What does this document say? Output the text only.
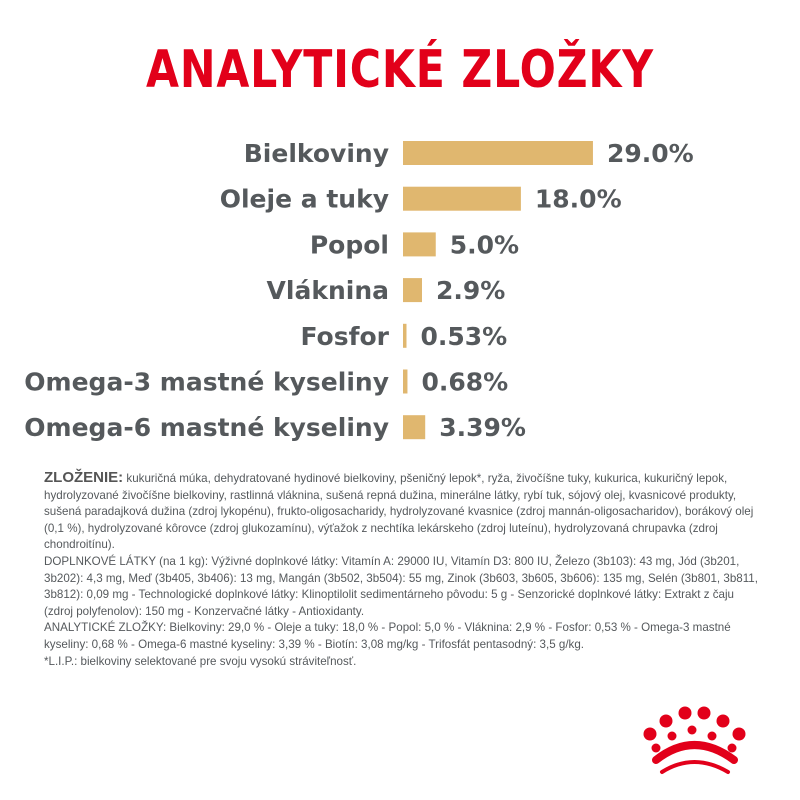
ANALYTICKÉ ZLOŽKY
Bielkoviny	29.0%
Oleje a tuky	18.0%
Popol 5.0%
Vláknina 2.9%
Fosfor 0.53%
Omega-3 mastné kyseliny 0.68%
Omega-6 mastné kyseliny 3.39%

ZLOŽENIE: kukuričná múka, dehydratované hydinové bielkoviny, pšeničný lepok*, ryža, živočíšne tuky, kukurica, kukuričný lepok, hydrolyzované živočíšne bielkoviny, rastlinná vláknina, sušená repná dužina, minerálne látky, rybí tuk, sójový olej, kvasnicové produkty, sušená paradajková dužina (zdroj lykopénu), frukto-oligosacharidy, hydrolyzované kvasnice (zdroj mannán-oligosacharidov), borákový olej (0,1 %), hydrolyzované kôrovce (zdroj glukozamínu), výťažok z nechtíka lekárskeho (zdroj luteínu), hydrolyzovaná chrupavka (zdroj chondroitínu).

DOPLNKOVÉ LÁTKY (na 1 kg): Výživné doplnkové látky: Vitamín A: 29000 IU, Vitamín D3: 800 IU, Železo (3b103): 43 mg, Jód (3b201, 3b202): 4,3 mg, Meď (3b405, 3b406): 13 mg, Mangán (3b502, 3b504): 55 mg, Zinok (3b603, 3b605, 3b606): 135 mg, Selén (3b801, 3b811, 3b812): 0,09 mg - Technologické doplnkové látky: Klinoptilolit sedimentárneho pôvodu: 5 g - Senzorické doplnkové látky: Extrakt z čaju (zdroj polyfenolov): 150 mg - Konzervačné látky - Antioxidanty.

ANALYTICKÉ ZLOŽKY: Bielkoviny: 29,0 % - Oleje a tuky: 18,0 % - Popol: 5,0 % - Vláknina: 2,9 % - Fosfor: 0,53 % - Omega-3 mastné kyseliny: 0,68 % - Omega-6 mastné kyseliny: 3,39 % - Biotín: 3,08 mg/kg - Trifosfát pentasodný: 3,5 g/kg.

*L.I.P.: bielkoviny selektované pre svoju vysokú stráviteľnosť.
